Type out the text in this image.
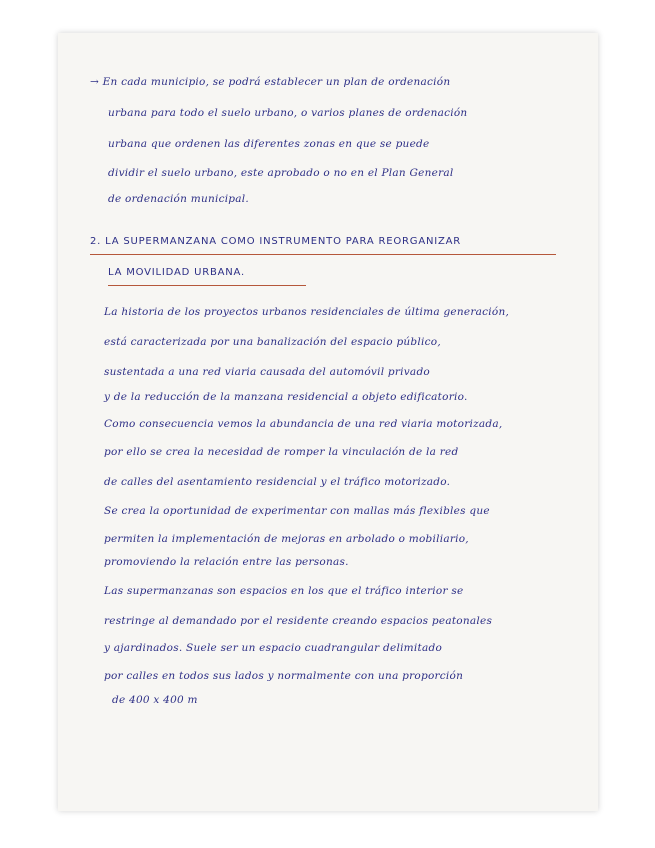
→ En cada municipio, se podrá establecer un plan de ordenación
urbana para todo el suelo urbano, o varios planes de ordenación
urbana que ordenen las diferentes zonas en que se puede
dividir el suelo urbano, este aprobado o no en el Plan General
de ordenación municipal.
2. LA SUPERMANZANA COMO INSTRUMENTO PARA REORGANIZAR
LA MOVILIDAD URBANA.
La historia de los proyectos urbanos residenciales de última generación,
está caracterizada por una banalización del espacio público,
sustentada a una red viaria causada del automóvil privado
y de la reducción de la manzana residencial a objeto edificatorio.
Como consecuencia vemos la abundancia de una red viaria motorizada,
por ello se crea la necesidad de romper la vinculación de la red
de calles del asentamiento residencial y el tráfico motorizado.
Se crea la oportunidad de experimentar con mallas más flexibles que
permiten la implementación de mejoras en arbolado o mobiliario,
promoviendo la relación entre las personas.
Las supermanzanas son espacios en los que el tráfico interior se
restringe al demandado por el residente creando espacios peatonales
y ajardinados. Suele ser un espacio cuadrangular delimitado
por calles en todos sus lados y normalmente con una proporción
de 400 x 400 m
